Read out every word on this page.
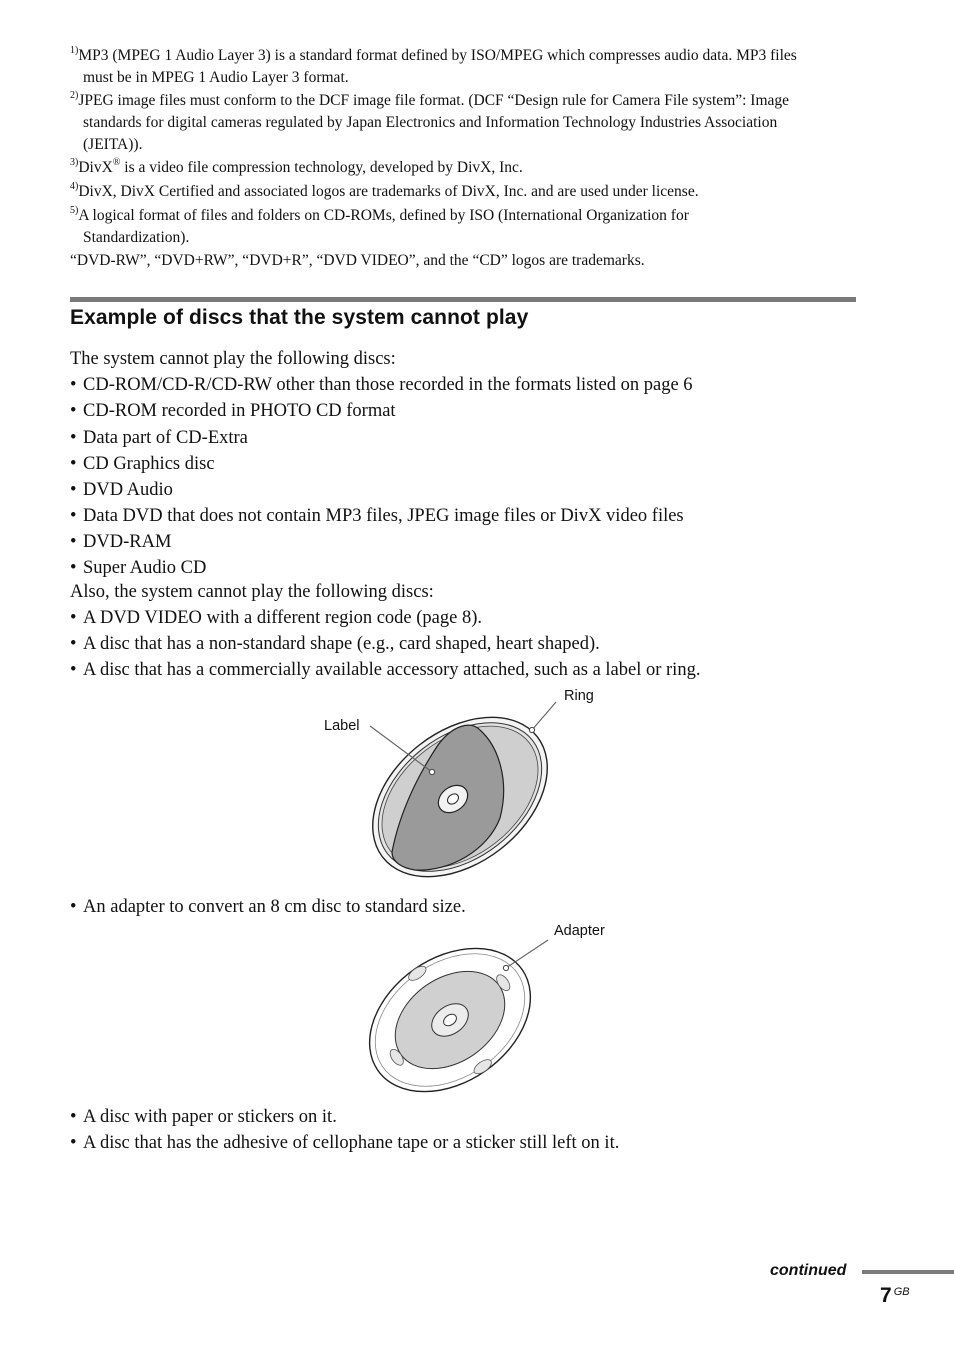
$^{1)}$MP3 (MPEG 1 Audio Layer 3) is a standard format defined by ISO/MPEG which compresses audio data. MP3 files
must be in MPEG 1 Audio Layer 3 format.
$^{2)}$JPEG image files must conform to the DCF image file format. (DCF “Design rule for Camera File system”: Image
standards for digital cameras regulated by Japan Electronics and Information Technology Industries Association
(JEITA)).
$^{3)}$DivX® is a video file compression technology, developed by DivX, Inc.
$^{4)}$DivX, DivX Certified and associated logos are trademarks of DivX, Inc. and are used under license.
$^{5)}$A logical format of files and folders on CD-ROMs, defined by ISO (International Organization for
Standardization).
“DVD-RW”, “DVD+RW”, “DVD+R”, “DVD VIDEO”, and the “CD” logos are trademarks.
Example of discs that the system cannot play
The system cannot play the following discs:
• CD-ROM/CD-R/CD-RW other than those recorded in the formats listed on page 6
• CD-ROM recorded in PHOTO CD format
• Data part of CD-Extra
• CD Graphics disc
• DVD Audio
• Data DVD that does not contain MP3 files, JPEG image files or DivX video files
• DVD-RAM
• Super Audio CD
Also, the system cannot play the following discs:
• A DVD VIDEO with a different region code (page 8).
• A disc that has a non-standard shape (e.g., card shaped, heart shaped).
• A disc that has a commercially available accessory attached, such as a label or ring.
Label
Ring
• An adapter to convert an 8 cm disc to standard size.
Adapter
• A disc with paper or stickers on it.
• A disc that has the adhesive of cellophane tape or a sticker still left on it.
continued
7 $^{GB}$
